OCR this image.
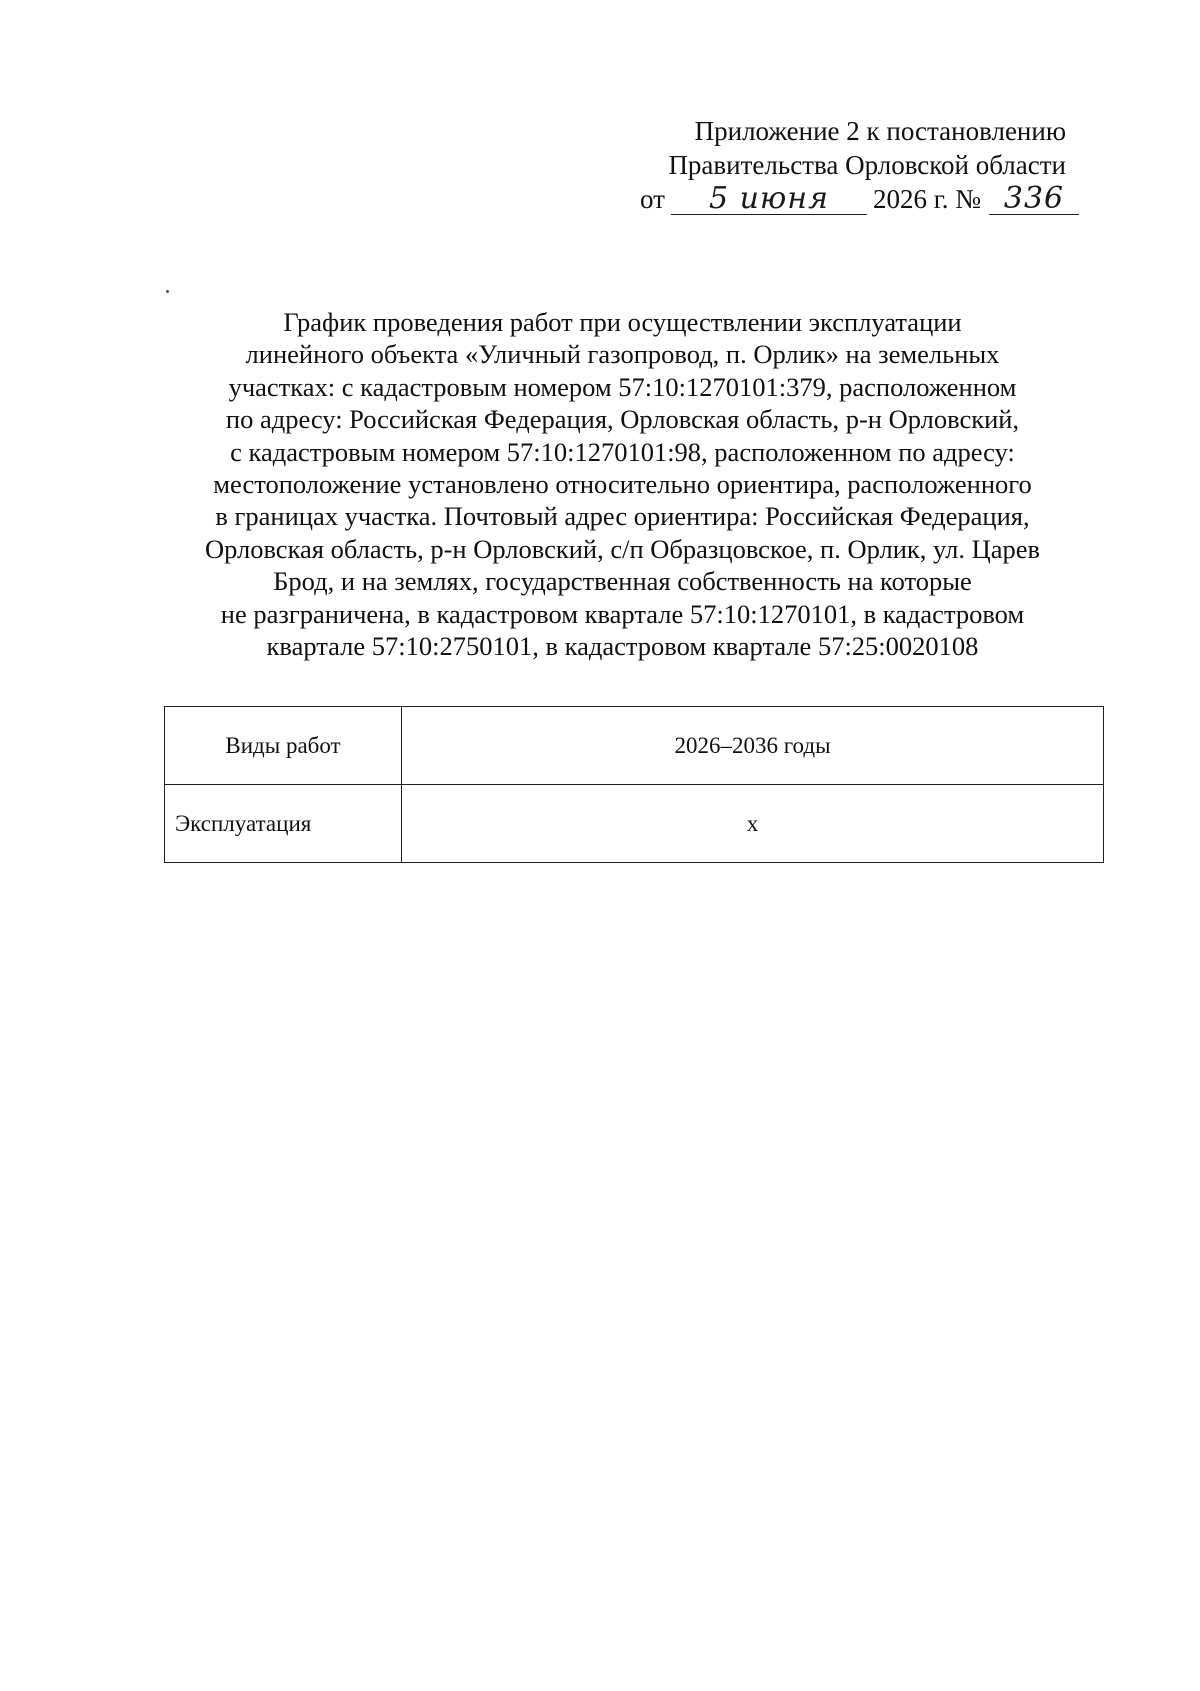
Приложение 2 к постановлению
Правительства Орловской области
от 5 июня 2026 г. № 336
График проведения работ при осуществлении эксплуатации
линейного объекта «Уличный газопровод, п. Орлик» на земельных
участках: с кадастровым номером 57:10:1270101:379, расположенном
по адресу: Российская Федерация, Орловская область, р-н Орловский,
с кадастровым номером 57:10:1270101:98, расположенном по адресу:
местоположение установлено относительно ориентира, расположенного
в границах участка. Почтовый адрес ориентира: Российская Федерация,
Орловская область, р-н Орловский, с/п Образцовское, п. Орлик, ул. Царев
Брод, и на землях, государственная собственность на которые
не разграничена, в кадастровом квартале 57:10:1270101, в кадастровом
квартале 57:10:2750101, в кадастровом квартале 57:25:0020108
Виды работ	2026–2036 годы
Эксплуатация	х
